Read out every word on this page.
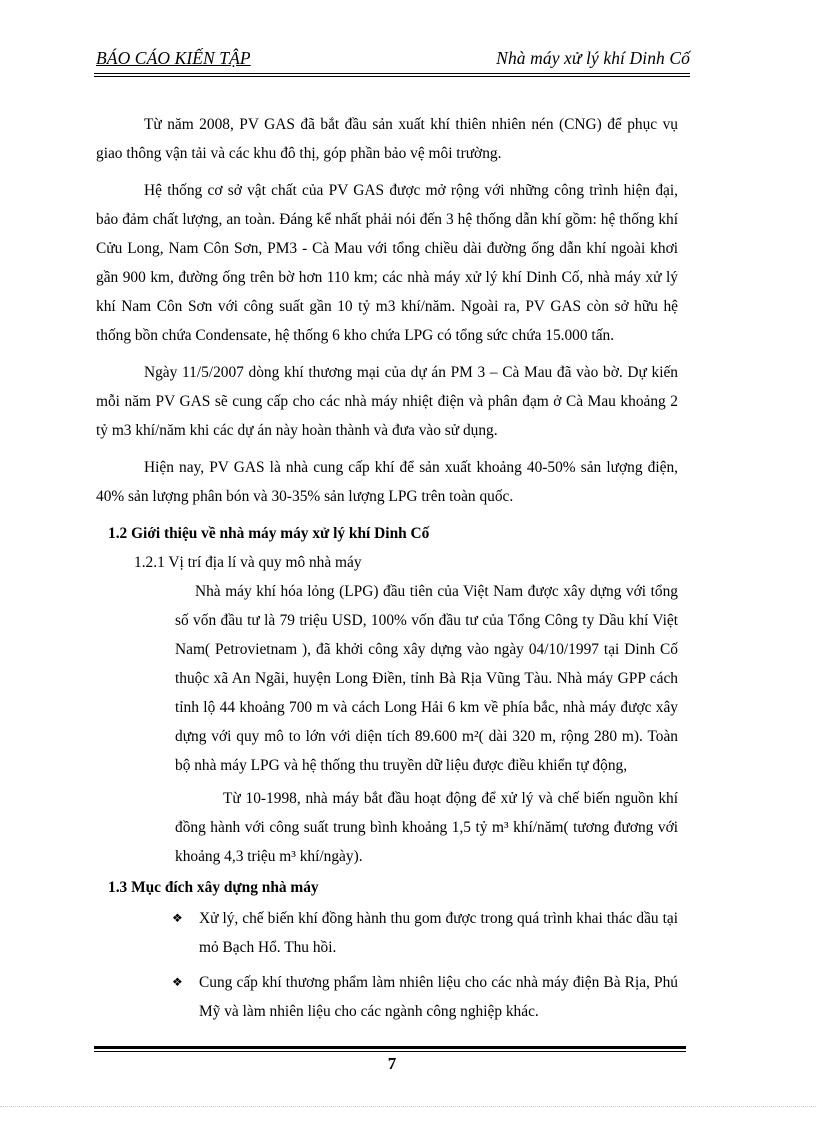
BÁO CÁO KIẾN TẬP	Nhà máy xử lý khí Dinh Cố

Từ năm 2008, PV GAS đã bắt đầu sản xuất khí thiên nhiên nén (CNG) để phục vụ giao thông vận tải và các khu đô thị, góp phần bảo vệ môi trường.

Hệ thống cơ sở vật chất của PV GAS được mở rộng với những công trình hiện đại, bảo đảm chất lượng, an toàn. Đáng kể nhất phải nói đến 3 hệ thống dẫn khí gồm: hệ thống khí Cửu Long, Nam Côn Sơn, PM3 - Cà Mau với tổng chiều dài đường ống dẫn khí ngoài khơi gần 900 km, đường ống trên bờ hơn 110 km; các nhà máy xử lý khí Dinh Cố, nhà máy xử lý khí Nam Côn Sơn với công suất gần 10 tỷ m3 khí/năm. Ngoài ra, PV GAS còn sở hữu hệ thống bồn chứa Condensate, hệ thống 6 kho chứa LPG có tổng sức chứa 15.000 tấn.

Ngày 11/5/2007 dòng khí thương mại của dự án PM 3 – Cà Mau đã vào bờ. Dự kiến mỗi năm PV GAS sẽ cung cấp cho các nhà máy nhiệt điện và phân đạm ở Cà Mau khoảng 2 tỷ m3 khí/năm khi các dự án này hoàn thành và đưa vào sử dụng.

Hiện nay, PV GAS là nhà cung cấp khí để sản xuất khoảng 40-50% sản lượng điện, 40% sản lượng phân bón và 30-35% sản lượng LPG trên toàn quốc.

1.2 Giới thiệu về nhà máy máy xử lý khí Dinh Cố

1.2.1 Vị trí địa lí và quy mô nhà máy

Nhà máy khí hóa lỏng (LPG) đầu tiên của Việt Nam được xây dựng với tổng số vốn đầu tư là 79 triệu USD, 100% vốn đầu tư của Tổng Công ty Dầu khí Việt Nam( Petrovietnam ), đã khởi công xây dựng vào ngày 04/10/1997 tại Dinh Cố thuộc xã An Ngãi, huyện Long Điền, tỉnh Bà Rịa Vũng Tàu. Nhà máy GPP cách tỉnh lộ 44 khoảng 700 m và cách Long Hải 6 km về phía bắc, nhà máy được xây dựng với quy mô to lớn với diện tích 89.600 m²( dài 320 m, rộng 280 m). Toàn bộ nhà máy LPG và hệ thống thu truyền dữ liệu được điều khiển tự động,

Từ 10-1998, nhà máy bắt đầu hoạt động để xử lý và chế biến nguồn khí đồng hành với công suất trung bình khoảng 1,5 tỷ m³ khí/năm( tương đương với khoảng 4,3 triệu m³ khí/ngày).

1.3 Mục đích xây dựng nhà máy

❖ Xử lý, chế biến khí đồng hành thu gom được trong quá trình khai thác dầu tại mỏ Bạch Hổ. Thu hồi.

❖ Cung cấp khí thương phẩm làm nhiên liệu cho các nhà máy điện Bà Rịa, Phú Mỹ và làm nhiên liệu cho các ngành công nghiệp khác.

7
